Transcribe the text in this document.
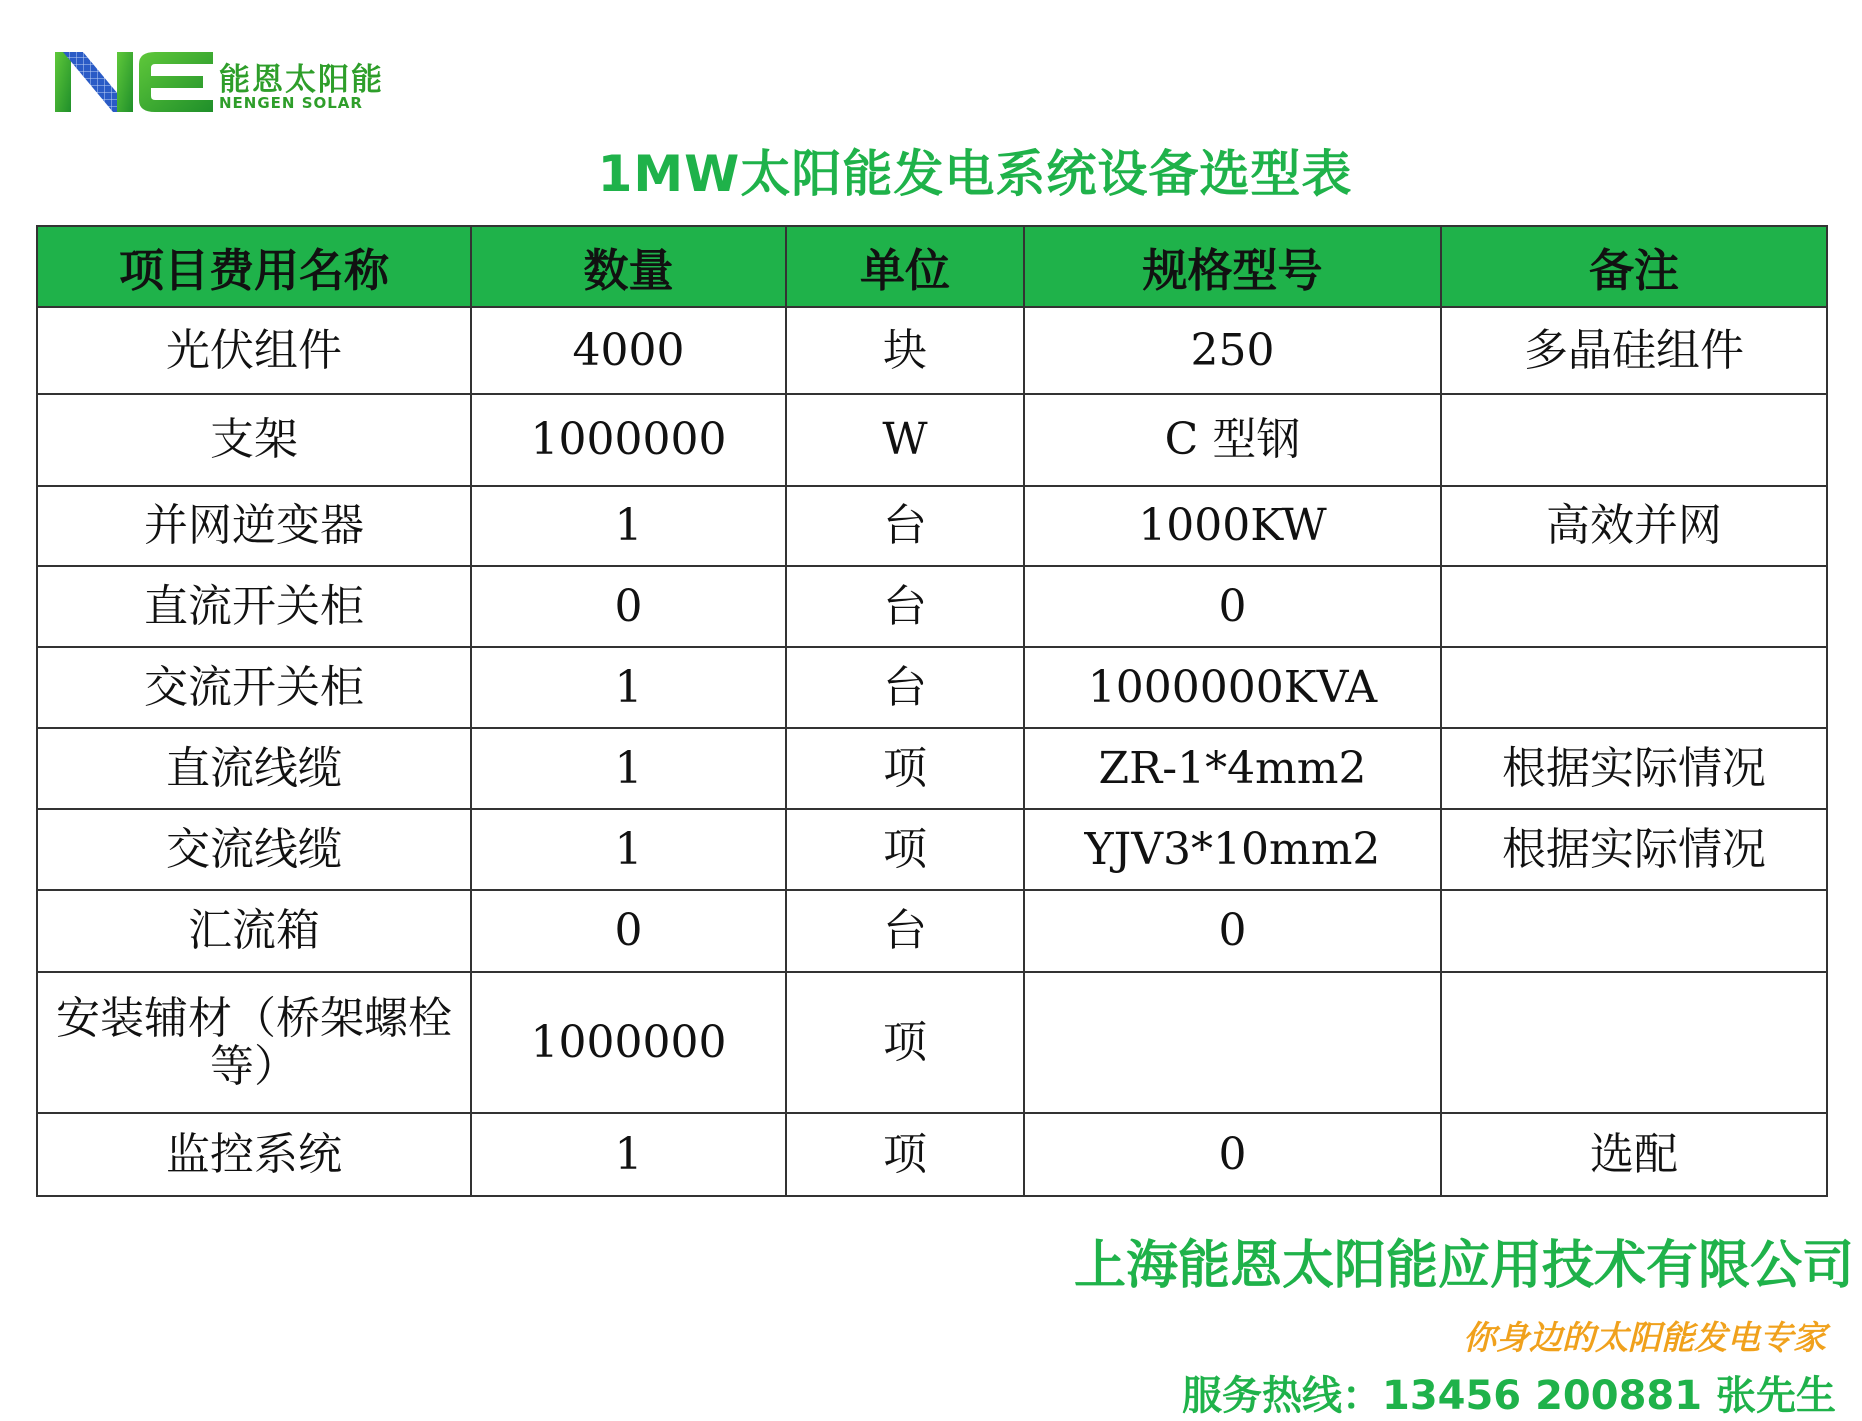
能恩太阳能
NENGEN SOLAR
1MW太阳能发电系统设备选型表
项目费用名称	数量	单位	规格型号	备注
光伏组件	4000	块	250	多晶硅组件
支架	1000000	W	C 型钢	
并网逆变器	1	台	1000KW	高效并网
直流开关柜	0	台	0	
交流开关柜	1	台	1000000KVA	
直流线缆	1	项	ZR-1*4mm2	根据实际情况
交流线缆	1	项	YJV3*10mm2	根据实际情况
汇流箱	0	台	0	
安装辅材（桥架螺栓等）	1000000	项		
监控系统	1	项	0	选配
上海能恩太阳能应用技术有限公司
你身边的太阳能发电专家
服务热线：13456 200881 张先生
